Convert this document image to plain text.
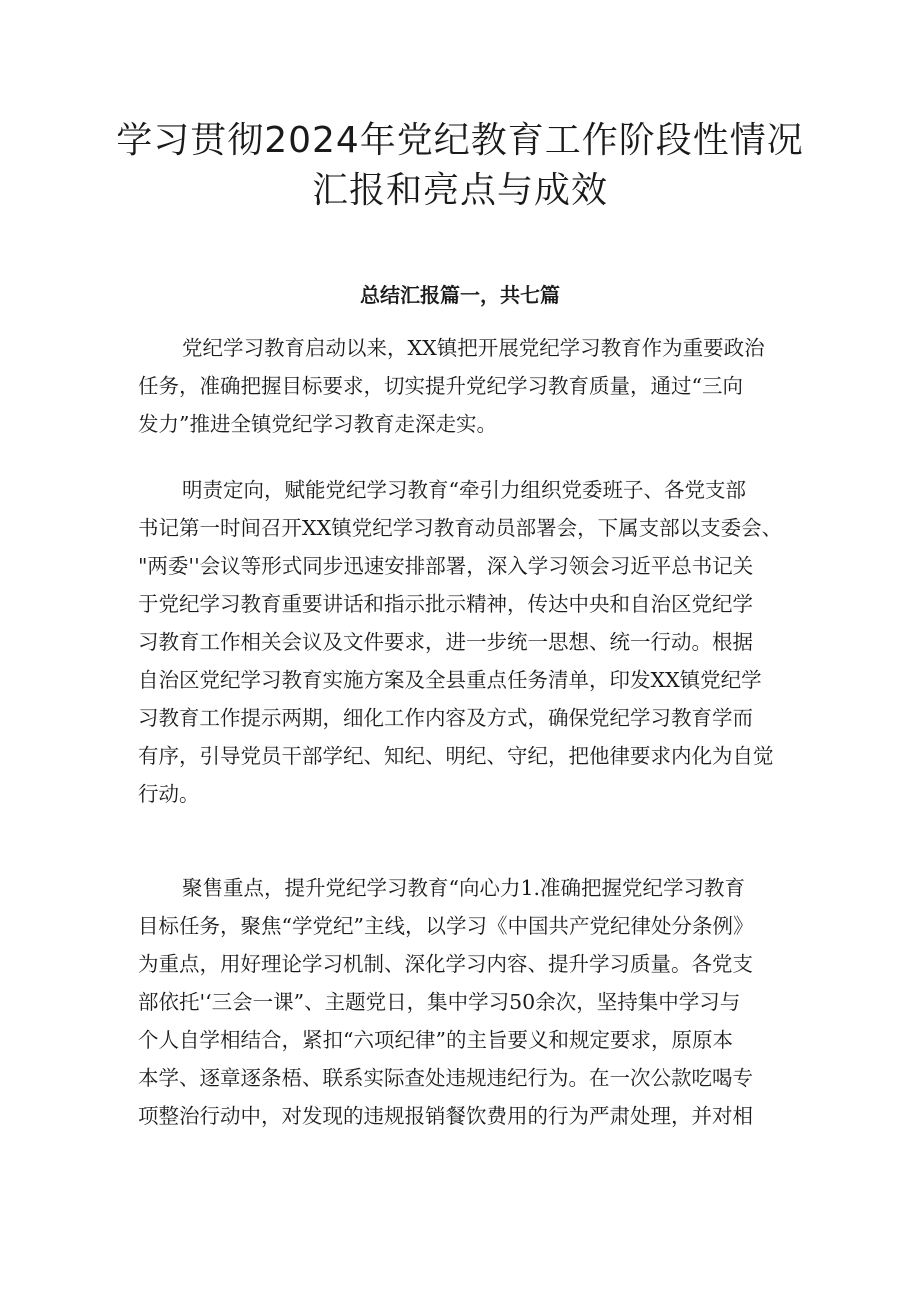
学习贯彻2024年党纪教育工作阶段性情况
汇报和亮点与成效
总结汇报篇一，共七篇
党纪学习教育启动以来，XX镇把开展党纪学习教育作为重要政治
任务，准确把握目标要求，切实提升党纪学习教育质量，通过“三向
发力”推进全镇党纪学习教育走深走实。
明责定向，赋能党纪学习教育“牵引力组织党委班子、各党支部
书记第一时间召开XX镇党纪学习教育动员部署会，下属支部以支委会、
"两委''会议等形式同步迅速安排部署，深入学习领会习近平总书记关
于党纪学习教育重要讲话和指示批示精神，传达中央和自治区党纪学
习教育工作相关会议及文件要求，进一步统一思想、统一行动。根据
自治区党纪学习教育实施方案及全县重点任务清单，印发XX镇党纪学
习教育工作提示两期，细化工作内容及方式，确保党纪学习教育学而
有序，引导党员干部学纪、知纪、明纪、守纪，把他律要求内化为自觉
行动。
聚售重点，提升党纪学习教育“向心力1.准确把握党纪学习教育
目标任务，聚焦“学党纪”主线，以学习《中国共产党纪律处分条例》
为重点，用好理论学习机制、深化学习内容、提升学习质量。各党支
部依托'‘三会一课”、主题党日，集中学习50余次，坚持集中学习与
个人自学相结合，紧扣“六项纪律”的主旨要义和规定要求，原原本
本学、逐章逐条梧、联系实际查处违规违纪行为。在一次公款吃喝专
项整治行动中，对发现的违规报销餐饮费用的行为严肃处理，并对相
